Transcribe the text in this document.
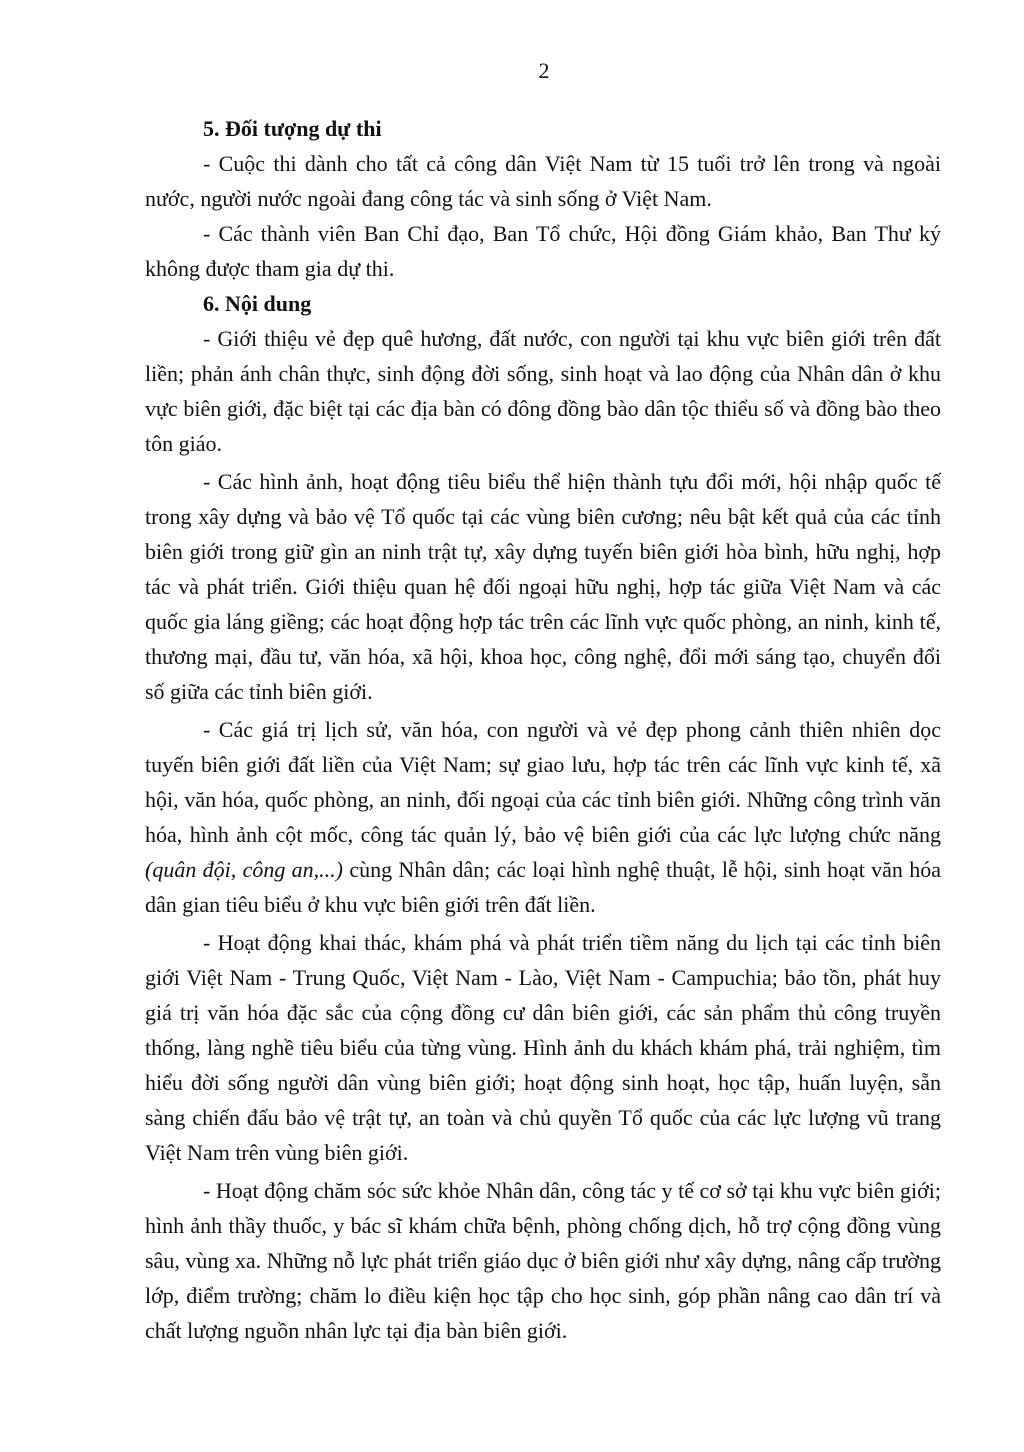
2

5. Đối tượng dự thi

- Cuộc thi dành cho tất cả công dân Việt Nam từ 15 tuổi trở lên trong và ngoài nước, người nước ngoài đang công tác và sinh sống ở Việt Nam.

- Các thành viên Ban Chỉ đạo, Ban Tổ chức, Hội đồng Giám khảo, Ban Thư ký không được tham gia dự thi.

6. Nội dung

- Giới thiệu vẻ đẹp quê hương, đất nước, con người tại khu vực biên giới trên đất liền; phản ánh chân thực, sinh động đời sống, sinh hoạt và lao động của Nhân dân ở khu vực biên giới, đặc biệt tại các địa bàn có đông đồng bào dân tộc thiểu số và đồng bào theo tôn giáo.

- Các hình ảnh, hoạt động tiêu biểu thể hiện thành tựu đổi mới, hội nhập quốc tế trong xây dựng và bảo vệ Tổ quốc tại các vùng biên cương; nêu bật kết quả của các tỉnh biên giới trong giữ gìn an ninh trật tự, xây dựng tuyến biên giới hòa bình, hữu nghị, hợp tác và phát triển. Giới thiệu quan hệ đối ngoại hữu nghị, hợp tác giữa Việt Nam và các quốc gia láng giềng; các hoạt động hợp tác trên các lĩnh vực quốc phòng, an ninh, kinh tế, thương mại, đầu tư, văn hóa, xã hội, khoa học, công nghệ, đổi mới sáng tạo, chuyển đổi số giữa các tỉnh biên giới.

- Các giá trị lịch sử, văn hóa, con người và vẻ đẹp phong cảnh thiên nhiên dọc tuyến biên giới đất liền của Việt Nam; sự giao lưu, hợp tác trên các lĩnh vực kinh tế, xã hội, văn hóa, quốc phòng, an ninh, đối ngoại của các tỉnh biên giới. Những công trình văn hóa, hình ảnh cột mốc, công tác quản lý, bảo vệ biên giới của các lực lượng chức năng (quân đội, công an,...) cùng Nhân dân; các loại hình nghệ thuật, lễ hội, sinh hoạt văn hóa dân gian tiêu biểu ở khu vực biên giới trên đất liền.

- Hoạt động khai thác, khám phá và phát triển tiềm năng du lịch tại các tỉnh biên giới Việt Nam - Trung Quốc, Việt Nam - Lào, Việt Nam - Campuchia; bảo tồn, phát huy giá trị văn hóa đặc sắc của cộng đồng cư dân biên giới, các sản phẩm thủ công truyền thống, làng nghề tiêu biểu của từng vùng. Hình ảnh du khách khám phá, trải nghiệm, tìm hiểu đời sống người dân vùng biên giới; hoạt động sinh hoạt, học tập, huấn luyện, sẵn sàng chiến đấu bảo vệ trật tự, an toàn và chủ quyền Tổ quốc của các lực lượng vũ trang Việt Nam trên vùng biên giới.

- Hoạt động chăm sóc sức khỏe Nhân dân, công tác y tế cơ sở tại khu vực biên giới; hình ảnh thầy thuốc, y bác sĩ khám chữa bệnh, phòng chống dịch, hỗ trợ cộng đồng vùng sâu, vùng xa. Những nỗ lực phát triển giáo dục ở biên giới như xây dựng, nâng cấp trường lớp, điểm trường; chăm lo điều kiện học tập cho học sinh, góp phần nâng cao dân trí và chất lượng nguồn nhân lực tại địa bàn biên giới.
